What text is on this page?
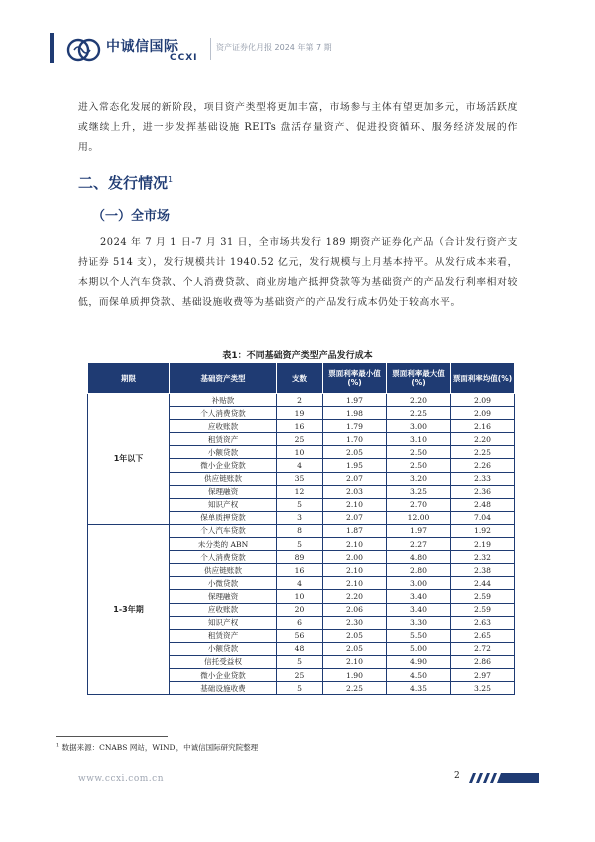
中诚信国际
CCXI
资产证券化月报 2024 年第 7 期
进入常态化发展的新阶段，项目资产类型将更加丰富，市场参与主体有望更加多元，市场活跃度或继续上升，进一步发挥基础设施 REITs 盘活存量资产、促进投资循环、服务经济发展的作用。
二、发行情况$^1$
（一）全市场
2024 年 7 月 1 日-7 月 31 日，全市场共发行 189 期资产证券化产品（合计发行资产支持证券 514 支），发行规模共计 1940.52 亿元，发行规模与上月基本持平。从发行成本来看，本期以个人汽车贷款、个人消费贷款、商业房地产抵押贷款等为基础资产的产品发行利率相对较低，而保单质押贷款、基础设施收费等为基础资产的产品发行成本仍处于较高水平。
表1：不同基础资产类型产品发行成本
期限	基础资产类型	支数	票面利率最小值(%)	票面利率最大值(%)	票面利率均值(%)
1年以下	补贴款	2	1.97	2.20	2.09
	个人消费贷款	19	1.98	2.25	2.09
	应收账款	16	1.79	3.00	2.16
	租赁资产	25	1.70	3.10	2.20
	小额贷款	10	2.05	2.50	2.25
	微小企业贷款	4	1.95	2.50	2.26
	供应链账款	35	2.07	3.20	2.33
	保理融资	12	2.03	3.25	2.36
	知识产权	5	2.10	2.70	2.48
	保单质押贷款	3	2.07	12.00	7.04
1-3年期	个人汽车贷款	8	1.87	1.97	1.92
	未分类的 ABN	5	2.10	2.27	2.19
	个人消费贷款	89	2.00	4.80	2.32
	供应链账款	16	2.10	2.80	2.38
	小微贷款	4	2.10	3.00	2.44
	保理融资	10	2.20	3.40	2.59
	应收账款	20	2.06	3.40	2.59
	知识产权	6	2.30	3.30	2.63
	租赁资产	56	2.05	5.50	2.65
	小额贷款	48	2.05	5.00	2.72
	信托受益权	5	2.10	4.90	2.86
	微小企业贷款	25	1.90	4.50	2.97
	基础设施收费	5	2.25	4.35	3.25
$^1$ 数据来源：CNABS 网站，WIND，中诚信国际研究院整理
www.ccxi.com.cn	2
